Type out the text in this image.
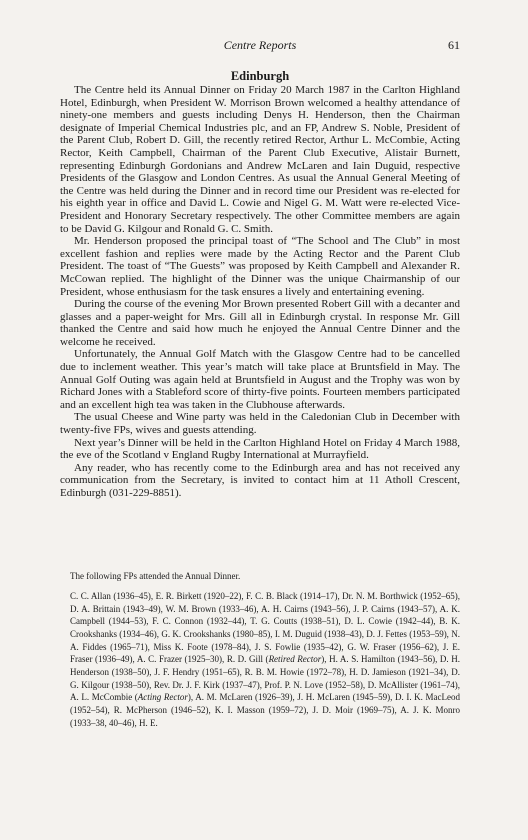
Centre Reports	61
Edinburgh

The Centre held its Annual Dinner on Friday 20 March 1987 in the Carlton Highland Hotel, Edinburgh, when President W. Morrison Brown welcomed a healthy attendance of ninety-one members and guests including Denys H. Henderson, then the Chairman designate of Imperial Chemical Industries plc, and an FP, Andrew S. Noble, President of the Parent Club, Robert D. Gill, the recently retired Rector, Arthur L. McCombie, Acting Rector, Keith Campbell, Chairman of the Parent Club Executive, Alistair Burnett, representing Edinburgh Gordonians and Andrew McLaren and Iain Duguid, respective Presidents of the Glasgow and London Centres. As usual the Annual General Meeting of the Centre was held during the Dinner and in record time our President was re-elected for his eighth year in office and David L. Cowie and Nigel G. M. Watt were re-elected Vice-President and Honorary Secretary respectively. The other Committee members are again to be David G. Kilgour and Ronald G. C. Smith.

Mr. Henderson proposed the principal toast of “The School and The Club” in most excellent fashion and replies were made by the Acting Rector and the Parent Club President. The toast of “The Guests” was proposed by Keith Campbell and Alexander R. McCowan replied. The highlight of the Dinner was the unique Chairmanship of our President, whose enthusiasm for the task ensures a lively and entertaining evening.

During the course of the evening Mor Brown presented Robert Gill with a decanter and glasses and a paper-weight for Mrs. Gill all in Edinburgh crystal. In response Mr. Gill thanked the Centre and said how much he enjoyed the Annual Centre Dinner and the welcome he received.

Unfortunately, the Annual Golf Match with the Glasgow Centre had to be cancelled due to inclement weather. This year’s match will take place at Bruntsfield in May. The Annual Golf Outing was again held at Bruntsfield in August and the Trophy was won by Richard Jones with a Stableford score of thirty-five points. Fourteen members participated and an excellent high tea was taken in the Clubhouse afterwards.

The usual Cheese and Wine party was held in the Caledonian Club in December with twenty-five FPs, wives and guests attending.

Next year’s Dinner will be held in the Carlton Highland Hotel on Friday 4 March 1988, the eve of the Scotland v England Rugby International at Murrayfield.

Any reader, who has recently come to the Edinburgh area and has not received any communication from the Secretary, is invited to contact him at 11 Atholl Crescent, Edinburgh (031-229-8851).

The following FPs attended the Annual Dinner.
C. C. Allan (1936–45), E. R. Birkett (1920–22), F. C. B. Black (1914–17), Dr. N. M. Borthwick (1952–65), D. A. Brittain (1943–49), W. M. Brown (1933–46), A. H. Cairns (1943–56), J. P. Cairns (1943–57), A. K. Campbell (1944–53), F. C. Connon (1932–44), T. G. Coutts (1938–51), D. L. Cowie (1942–44), B. K. Crookshanks (1934–46), G. K. Crookshanks (1980–85), I. M. Duguid (1938–43), D. J. Fettes (1953–59), N. A. Fiddes (1965–71), Miss K. Foote (1978–84), J. S. Fowlie (1935–42), G. W. Fraser (1956–62), J. E. Fraser (1936–49), A. C. Frazer (1925–30), R. D. Gill (Retired Rector), H. A. S. Hamilton (1943–56), D. H. Henderson (1938–50), J. F. Hendry (1951–65), R. B. M. Howie (1972–78), H. D. Jamieson (1921–34), D. G. Kilgour (1938–50), Rev. Dr. J. F. Kirk (1937–47), Prof. P. N. Love (1952–58), D. McAllister (1961–74), A. L. McCombie (Acting Rector), A. M. McLaren (1926–39), J. H. McLaren (1945–59), D. I. K. MacLeod (1952–54), R. McPherson (1946–52), K. I. Masson (1959–72), J. D. Moir (1969–75), A. J. K. Monro (1933–38, 40–46), H. E.
